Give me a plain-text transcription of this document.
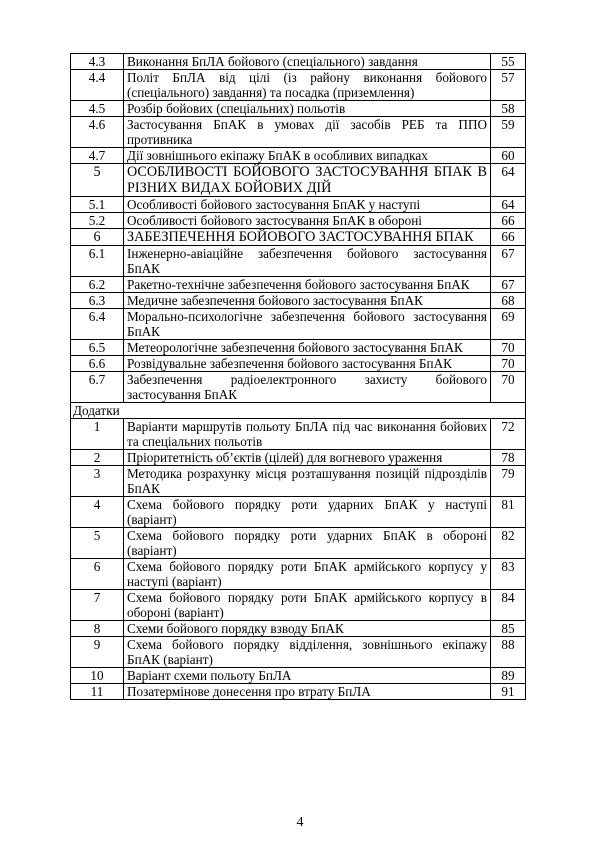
4.3	Виконання БпЛА бойового (спеціального) завдання	55
4.4	Політ БпЛА від цілі (із району виконання бойового (спеціального) завдання) та посадка (приземлення)	57
4.5	Розбір бойових (спеціальних) польотів	58
4.6	Застосування БпАК в умовах дії засобів РЕБ та ППО противника	59
4.7	Дії зовнішнього екіпажу БпАК в особливих випадках	60
5	ОСОБЛИВОСТІ БОЙОВОГО ЗАСТОСУВАННЯ БПАК В РІЗНИХ ВИДАХ БОЙОВИХ ДІЙ	64
5.1	Особливості бойового застосування БпАК у наступі	64
5.2	Особливості бойового застосування БпАК в обороні	66
6	ЗАБЕЗПЕЧЕННЯ БОЙОВОГО ЗАСТОСУВАННЯ БПАК	66
6.1	Інженерно-авіаційне забезпечення бойового застосування БпАК	67
6.2	Ракетно-технічне забезпечення бойового застосування БпАК	67
6.3	Медичне забезпечення бойового застосування БпАК	68
6.4	Морально-психологічне забезпечення бойового застосування БпАК	69
6.5	Метеорологічне забезпечення бойового застосування БпАК	70
6.6	Розвідувальне забезпечення бойового застосування БпАК	70
6.7	Забезпечення радіоелектронного захисту бойового застосування БпАК	70
Додатки		
1	Варіанти маршрутів польоту БпЛА під час виконання бойових та спеціальних польотів	72
2	Пріоритетність об’єктів (цілей) для вогневого ураження	78
3	Методика розрахунку місця розташування позицій підрозділів БпАК	79
4	Схема бойового порядку роти ударних БпАК у наступі (варіант)	81
5	Схема бойового порядку роти ударних БпАК в обороні (варіант)	82
6	Схема бойового порядку роти БпАК армійського корпусу у наступі (варіант)	83
7	Схема бойового порядку роти БпАК армійського корпусу в обороні (варіант)	84
8	Схеми бойового порядку взводу БпАК	85
9	Схема бойового порядку відділення, зовнішнього екіпажу БпАК (варіант)	88
10	Варіант схеми польоту БпЛА	89
11	Позатермінове донесення про втрату БпЛА	91
4
